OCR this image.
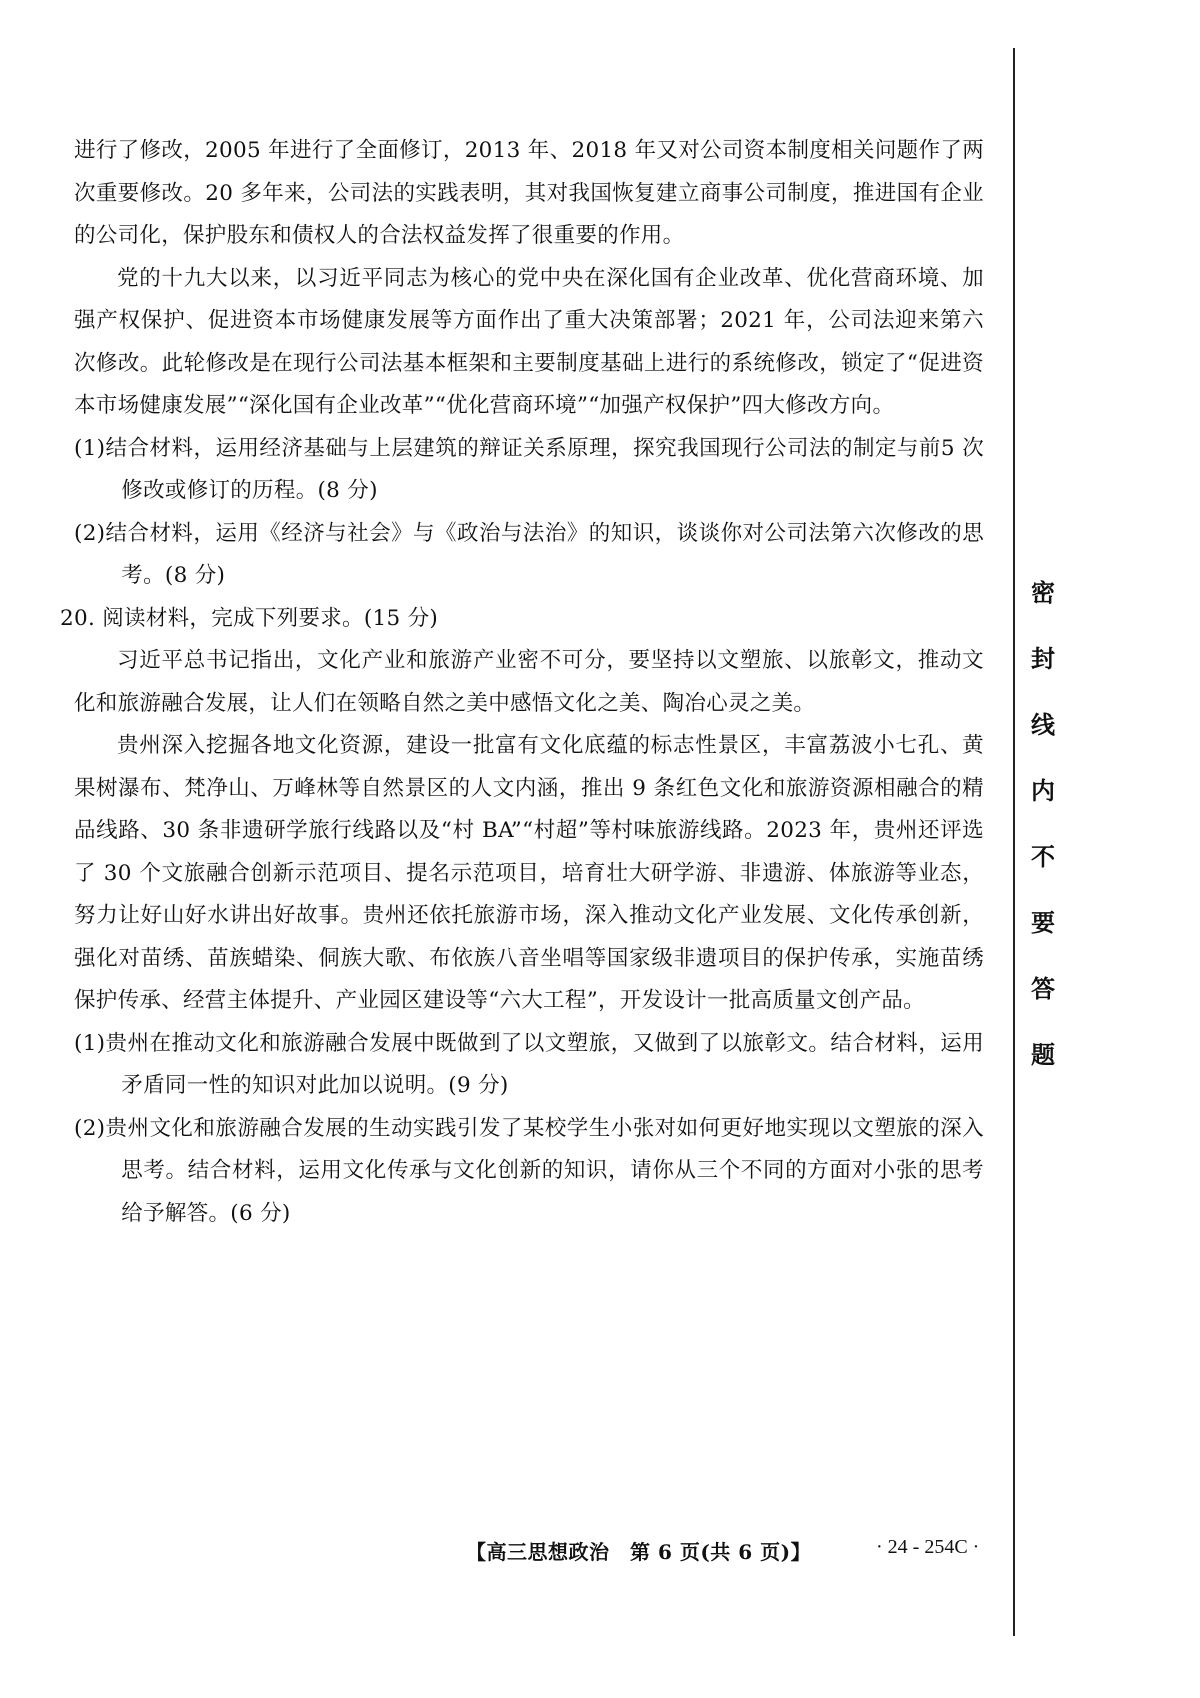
进行了修改，2005 年进行了全面修订，2013 年、2018 年又对公司资本制度相关问题作了两次重要修改。20 多年来，公司法的实践表明，其对我国恢复建立商事公司制度，推进国有企业的公司化，保护股东和债权人的合法权益发挥了很重要的作用。

党的十九大以来，以习近平同志为核心的党中央在深化国有企业改革、优化营商环境、加强产权保护、促进资本市场健康发展等方面作出了重大决策部署；2021 年，公司法迎来第六次修改。此轮修改是在现行公司法基本框架和主要制度基础上进行的系统修改，锁定了“促进资本市场健康发展”“深化国有企业改革”“优化营商环境”“加强产权保护”四大修改方向。

(1)结合材料，运用经济基础与上层建筑的辩证关系原理，探究我国现行公司法的制定与前5 次修改或修订的历程。(8 分)

(2)结合材料，运用《经济与社会》与《政治与法治》的知识，谈谈你对公司法第六次修改的思考。(8 分)

20. 阅读材料，完成下列要求。(15 分)

习近平总书记指出，文化产业和旅游产业密不可分，要坚持以文塑旅、以旅彰文，推动文化和旅游融合发展，让人们在领略自然之美中感悟文化之美、陶冶心灵之美。

贵州深入挖掘各地文化资源，建设一批富有文化底蕴的标志性景区，丰富荔波小七孔、黄果树瀑布、梵净山、万峰林等自然景区的人文内涵，推出 9 条红色文化和旅游资源相融合的精品线路、30 条非遗研学旅行线路以及“村 BA”“村超”等村味旅游线路。2023 年，贵州还评选了 30 个文旅融合创新示范项目、提名示范项目，培育壮大研学游、非遗游、体旅游等业态，努力让好山好水讲出好故事。贵州还依托旅游市场，深入推动文化产业发展、文化传承创新，强化对苗绣、苗族蜡染、侗族大歌、布依族八音坐唱等国家级非遗项目的保护传承，实施苗绣保护传承、经营主体提升、产业园区建设等“六大工程”，开发设计一批高质量文创产品。

(1)贵州在推动文化和旅游融合发展中既做到了以文塑旅，又做到了以旅彰文。结合材料，运用矛盾同一性的知识对此加以说明。(9 分)

(2)贵州文化和旅游融合发展的生动实践引发了某校学生小张对如何更好地实现以文塑旅的深入思考。结合材料，运用文化传承与文化创新的知识，请你从三个不同的方面对小张的思考给予解答。(6 分)

密
封
线
内
不
要
答
题
【高三思想政治　第 6 页(共 6 页)】	· 24 - 254C ·
